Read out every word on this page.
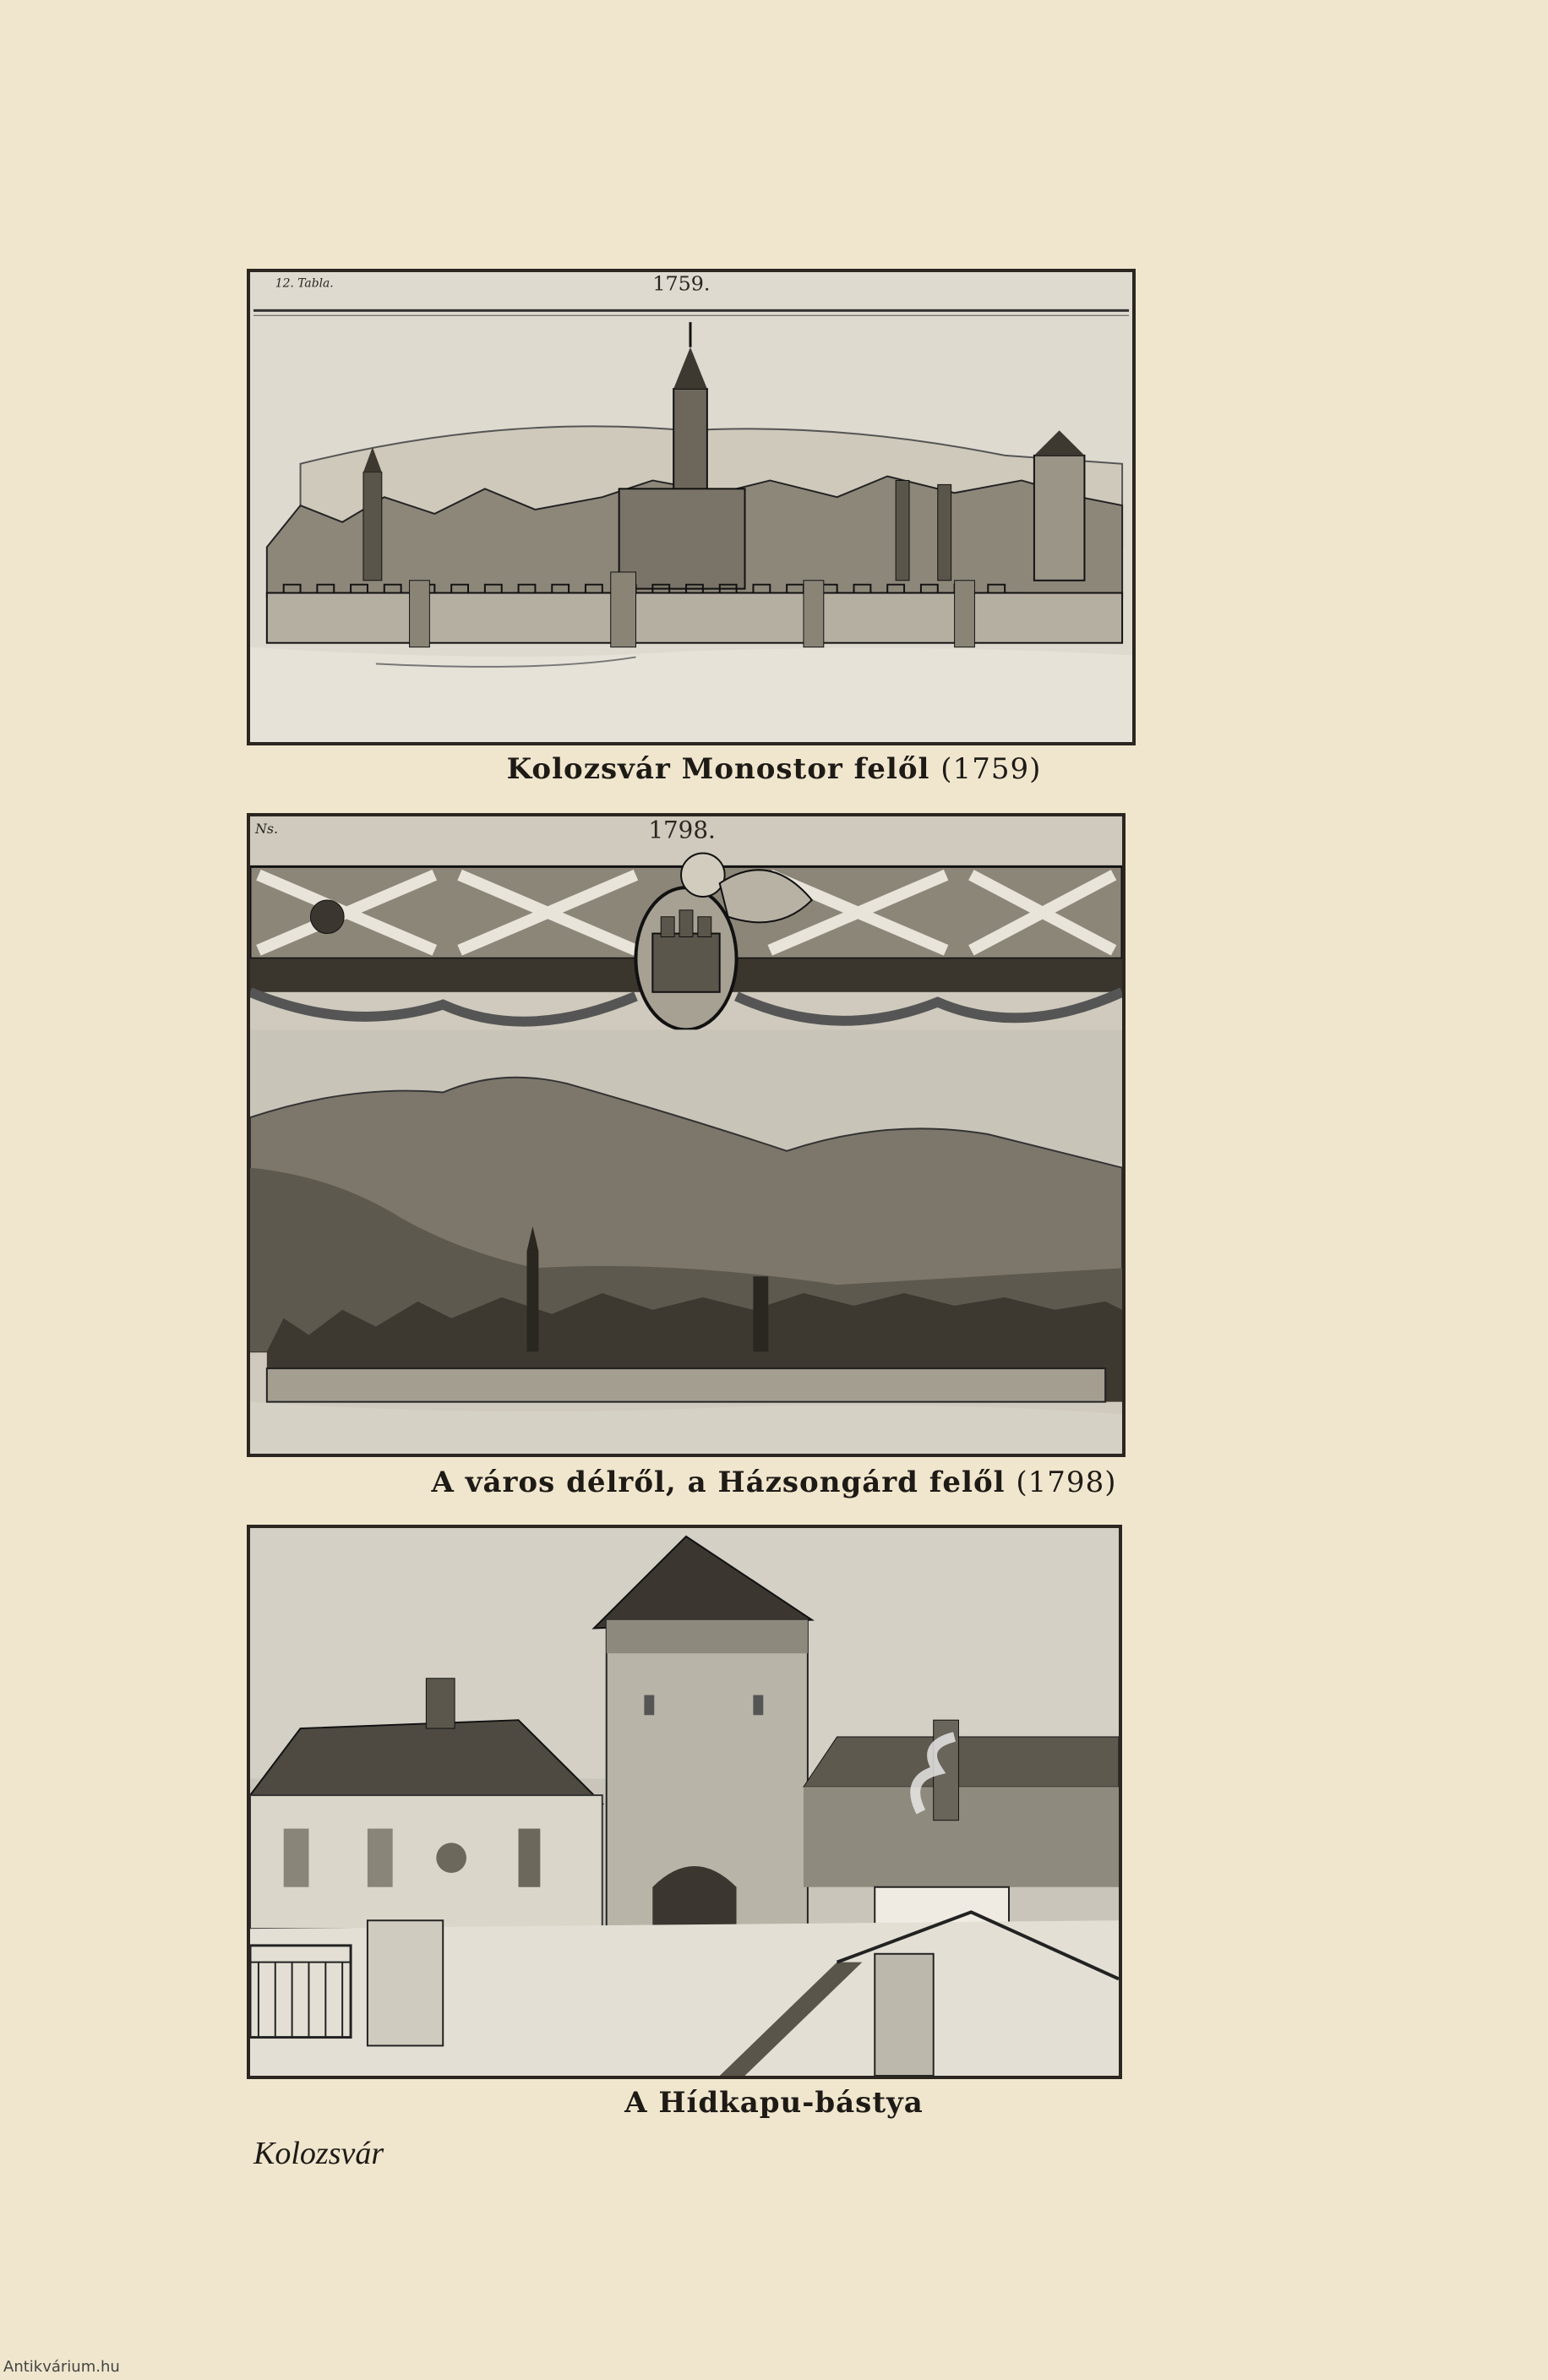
12. Tabla.	1759.
Kolozsvár Monostor felől (1759)
Ns.	1798.
A város délről, a Házsongárd felől (1798)
A Hídkapu-bástya
Kolozsvár
Antikvárium.hu
